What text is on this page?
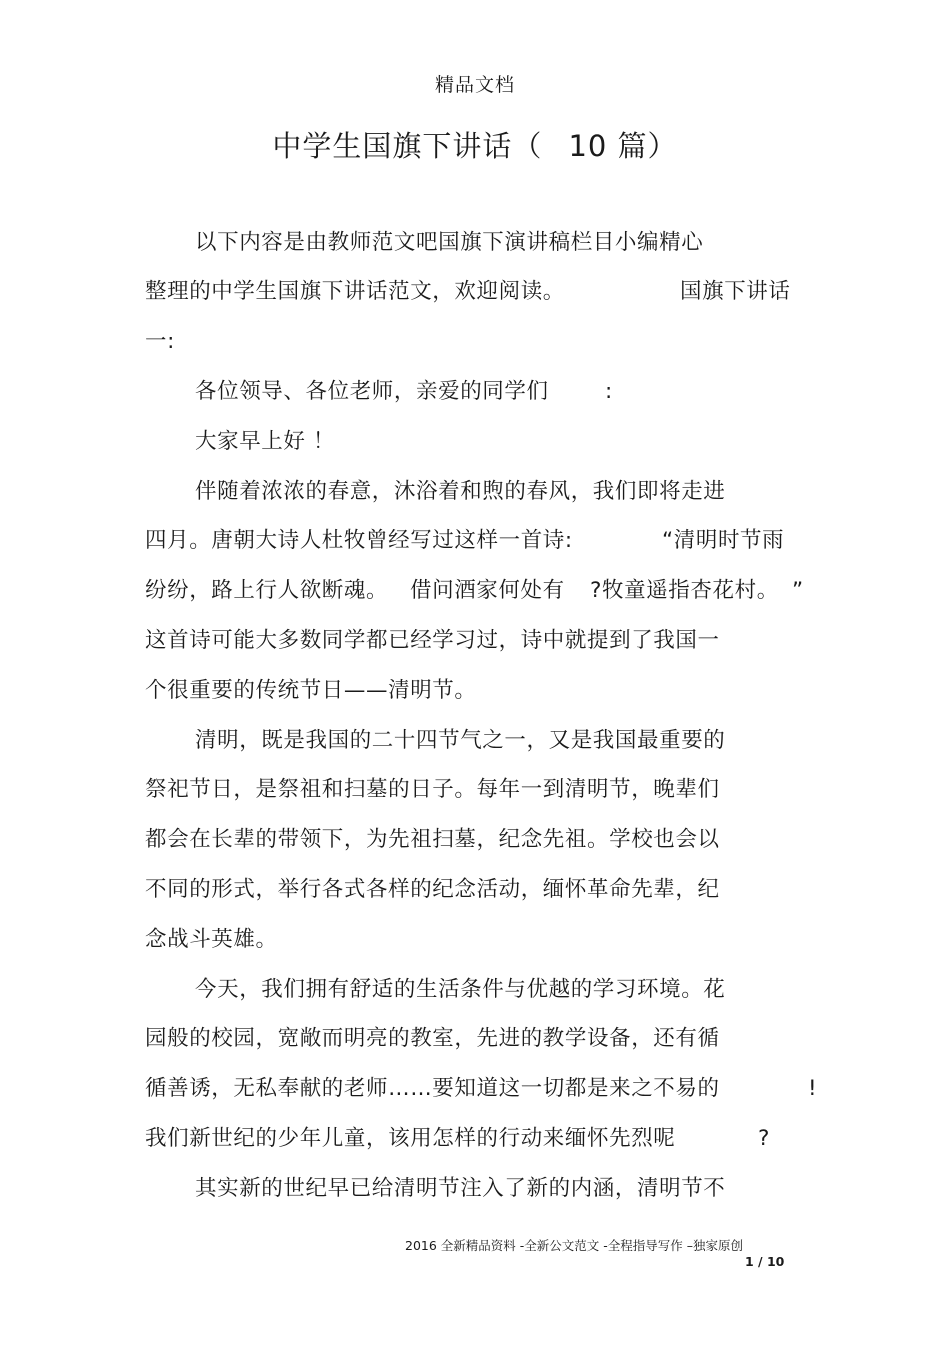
精品文档
中学生国旗下讲话（ 10 篇）
以下内容是由教师范文吧国旗下演讲稿栏目小编精心
整理的中学生国旗下讲话范文，欢迎阅读。	国旗下讲话
一:
各位领导、各位老师，亲爱的同学们	:
大家早上好 ！
伴随着浓浓的春意，沐浴着和煦的春风，我们即将走进
四月。唐朝大诗人杜牧曾经写过这样一首诗:	“清明时节雨
纷纷，路上行人欲断魂。 借问酒家何处有 ?牧童遥指杏花村。 ”
这首诗可能大多数同学都已经学习过，诗中就提到了我国一
个很重要的传统节日——清明节。
清明，既是我国的二十四节气之一，又是我国最重要的
祭祀节日，是祭祖和扫墓的日子。每年一到清明节，晚辈们
都会在长辈的带领下，为先祖扫墓，纪念先祖。学校也会以
不同的形式，举行各式各样的纪念活动，缅怀革命先辈，纪
念战斗英雄。
今天，我们拥有舒适的生活条件与优越的学习环境。花
园般的校园，宽敞而明亮的教室，先进的教学设备，还有循
循善诱，无私奉献的老师……要知道这一切都是来之不易的	!
我们新世纪的少年儿童，该用怎样的行动来缅怀先烈呢	?
其实新的世纪早已给清明节注入了新的内涵，清明节不
2016 全新精品资料 -全新公文范文 -全程指导写作 –独家原创
1 / 10
